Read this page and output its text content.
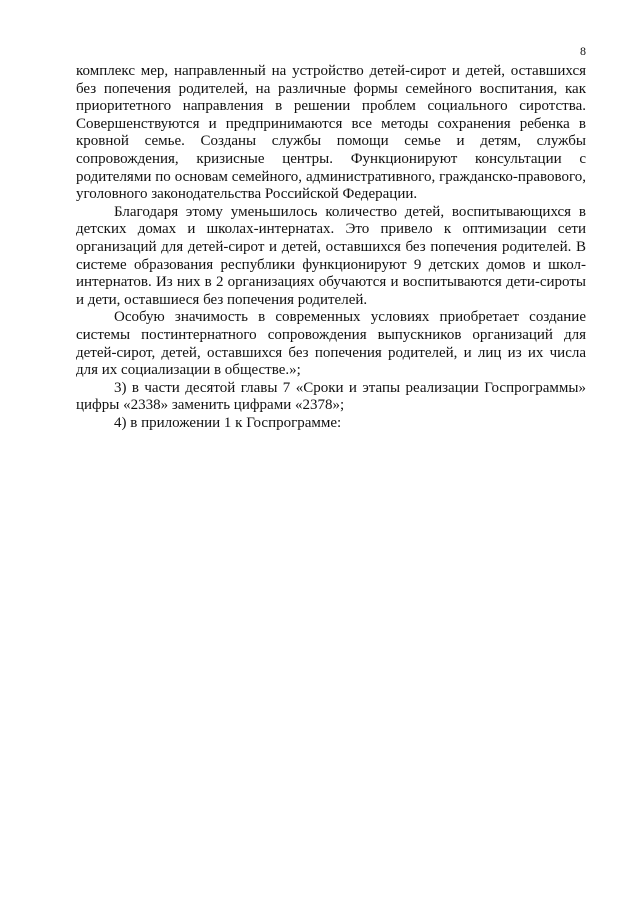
8

комплекс мер, направленный на устройство детей-сирот и детей, оставшихся без попечения родителей, на различные формы семейного воспитания, как приоритетного направления в решении проблем социального сиротства. Совершенствуются и предпринимаются все методы сохранения ребенка в кровной семье. Созданы службы помощи семье и детям, службы сопровождения, кризисные центры. Функционируют консультации с родителями по основам семейного, административного, гражданско-правового, уголовного законодательства Российской Федерации.

Благодаря этому уменьшилось количество детей, воспитывающихся в детских домах и школах-интернатах. Это привело к оптимизации сети организаций для детей-сирот и детей, оставшихся без попечения родителей. В системе образования республики функционируют 9 детских домов и школ-интернатов. Из них в 2 организациях обучаются и воспитываются дети-сироты и дети, оставшиеся без попечения родителей.

Особую значимость в современных условиях приобретает создание системы постинтернатного сопровождения выпускников организаций для детей-сирот, детей, оставшихся без попечения родителей, и лиц из их числа для их социализации в обществе.»;

3) в части десятой главы 7 «Сроки и этапы реализации Госпрограммы» цифры «2338» заменить цифрами «2378»;

4) в приложении 1 к Госпрограмме:
